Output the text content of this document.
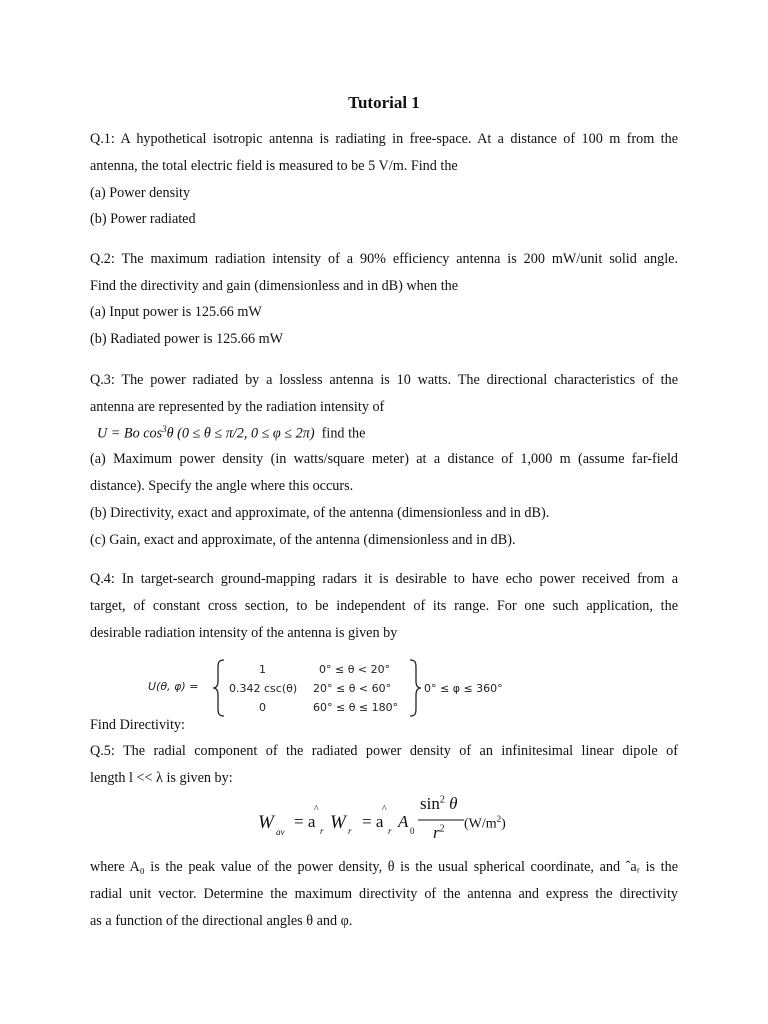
Tutorial 1
Q.1: A hypothetical isotropic antenna is radiating in free-space. At a distance of 100 m from the
antenna, the total electric field is measured to be 5 V/m. Find the
(a) Power density
(b) Power radiated
Q.2: The maximum radiation intensity of a 90% efficiency antenna is 200 mW/unit solid angle.
Find the directivity and gain (dimensionless and in dB) when the
(a) Input power is 125.66 mW
(b) Radiated power is 125.66 mW
Q.3: The power radiated by a lossless antenna is 10 watts. The directional characteristics of the
antenna are represented by the radiation intensity of
U = Bo $\cos^3\theta$ (0 ≤ θ ≤ π/2, 0 ≤ φ ≤ 2π) find the
(a) Maximum power density (in watts/square meter) at a distance of 1,000 m (assume far-field
distance). Specify the angle where this occurs.
(b) Directivity, exact and approximate, of the antenna (dimensionless and in dB).
(c) Gain, exact and approximate, of the antenna (dimensionless and in dB).
Q.4: In target-search ground-mapping radars it is desirable to have echo power received from a
target, of constant cross section, to be independent of its range. For one such application, the
desirable radiation intensity of the antenna is given by
U(θ, φ) =
1
0.342 csc(θ)
0
0° ≤ θ < 20°
20° ≤ θ < 60°
60° ≤ θ ≤ 180°
0° ≤ φ ≤ 360°
Find Directivity:
Q.5: The radial component of the radiated power density of an infinitesimal linear dipole of
length l << λ is given by:
W av
= a
^
r W r = a
^
r A 0
$\sin^2 \theta$
$r^2$ $(W/m^2)$
where A₀ is the peak value of the power density, θ is the usual spherical coordinate, and ˆaᵣ is the
radial unit vector. Determine the maximum directivity of the antenna and express the directivity
as a function of the directional angles θ and φ.
